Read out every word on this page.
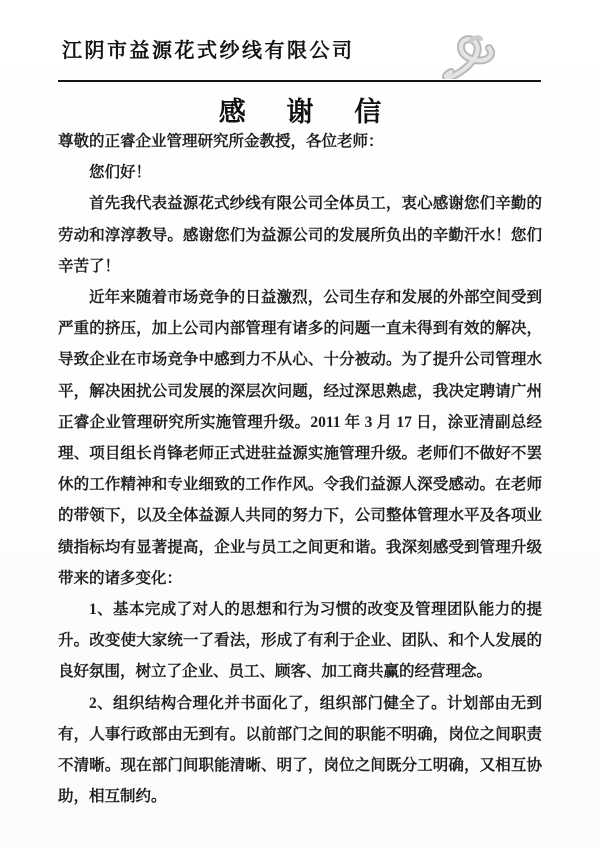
江阴市益源花式纱线有限公司
感 谢 信

尊敬的正睿企业管理研究所金教授，各位老师：

您们好！

首先我代表益源花式纱线有限公司全体员工，衷心感谢您们辛勤的劳动和淳淳教导。感谢您们为益源公司的发展所负出的辛勤汗水！您们辛苦了！

近年来随着市场竞争的日益激烈，公司生存和发展的外部空间受到严重的挤压，加上公司内部管理有诸多的问题一直未得到有效的解决，导致企业在市场竞争中感到力不从心、十分被动。为了提升公司管理水平，解决困扰公司发展的深层次问题，经过深思熟虑，我决定聘请广州正睿企业管理研究所实施管理升级。2011 年 3 月 17 日，涂亚清副总经理、项目组长肖锋老师正式进驻益源实施管理升级。老师们不做好不罢休的工作精神和专业细致的工作作风。令我们益源人深受感动。在老师的带领下，以及全体益源人共同的努力下，公司整体管理水平及各项业绩指标均有显著提高，企业与员工之间更和谐。我深刻感受到管理升级带来的诸多变化：

1、基本完成了对人的思想和行为习惯的改变及管理团队能力的提升。改变使大家统一了看法，形成了有利于企业、团队、和个人发展的良好氛围，树立了企业、员工、顾客、加工商共赢的经营理念。

2、组织结构合理化并书面化了，组织部门健全了。计划部由无到有，人事行政部由无到有。以前部门之间的职能不明确，岗位之间职责不清晰。现在部门间职能清晰、明了，岗位之间既分工明确，又相互协助，相互制约。
